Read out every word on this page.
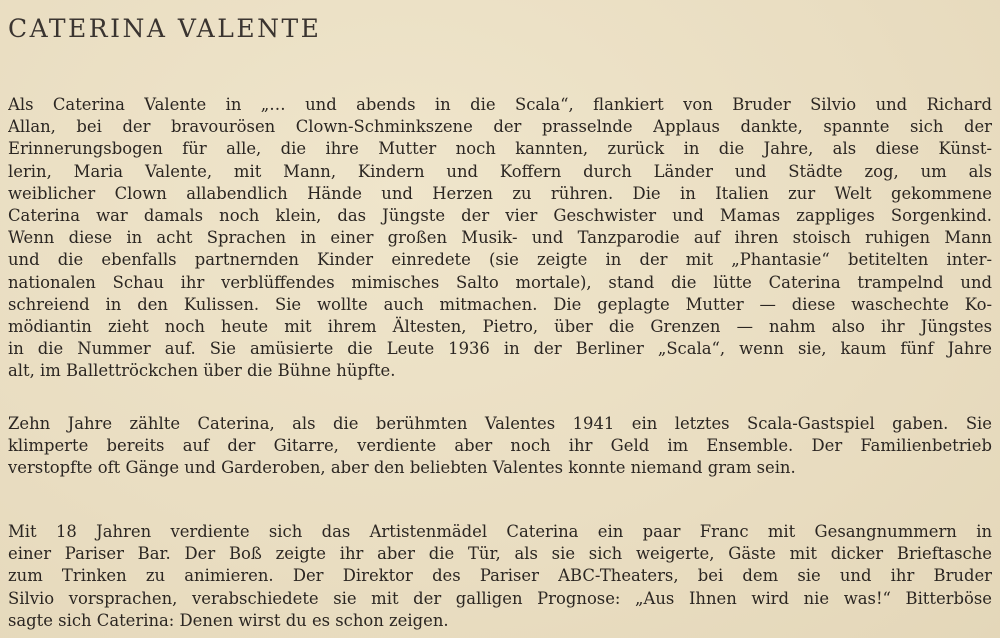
CATERINA VALENTE
Als Caterina Valente in „… und abends in die Scala“, flankiert von Bruder Silvio und Richard
Allan, bei der bravourösen Clown-Schminkszene der prasselnde Applaus dankte, spannte sich der
Erinnerungsbogen für alle, die ihre Mutter noch kannten, zurück in die Jahre, als diese Künst-
lerin, Maria Valente, mit Mann, Kindern und Koffern durch Länder und Städte zog, um als
weiblicher Clown allabendlich Hände und Herzen zu rühren. Die in Italien zur Welt gekommene
Caterina war damals noch klein, das Jüngste der vier Geschwister und Mamas zappliges Sorgenkind.
Wenn diese in acht Sprachen in einer großen Musik- und Tanzparodie auf ihren stoisch ruhigen Mann
und die ebenfalls partnernden Kinder einredete (sie zeigte in der mit „Phantasie“ betitelten inter-
nationalen Schau ihr verblüffendes mimisches Salto mortale), stand die lütte Caterina trampelnd und
schreiend in den Kulissen. Sie wollte auch mitmachen. Die geplagte Mutter — diese waschechte Ko-
mödiantin zieht noch heute mit ihrem Ältesten, Pietro, über die Grenzen — nahm also ihr Jüngstes
in die Nummer auf. Sie amüsierte die Leute 1936 in der Berliner „Scala“, wenn sie, kaum fünf Jahre
alt, im Ballettröckchen über die Bühne hüpfte.
Zehn Jahre zählte Caterina, als die berühmten Valentes 1941 ein letztes Scala-Gastspiel gaben. Sie
klimperte bereits auf der Gitarre, verdiente aber noch ihr Geld im Ensemble. Der Familienbetrieb
verstopfte oft Gänge und Garderoben, aber den beliebten Valentes konnte niemand gram sein.
Mit 18 Jahren verdiente sich das Artistenmädel Caterina ein paar Franc mit Gesangnummern in
einer Pariser Bar. Der Boß zeigte ihr aber die Tür, als sie sich weigerte, Gäste mit dicker Brieftasche
zum Trinken zu animieren. Der Direktor des Pariser ABC-Theaters, bei dem sie und ihr Bruder
Silvio vorsprachen, verabschiedete sie mit der galligen Prognose: „Aus Ihnen wird nie was!“ Bitterböse
sagte sich Caterina: Denen wirst du es schon zeigen.
